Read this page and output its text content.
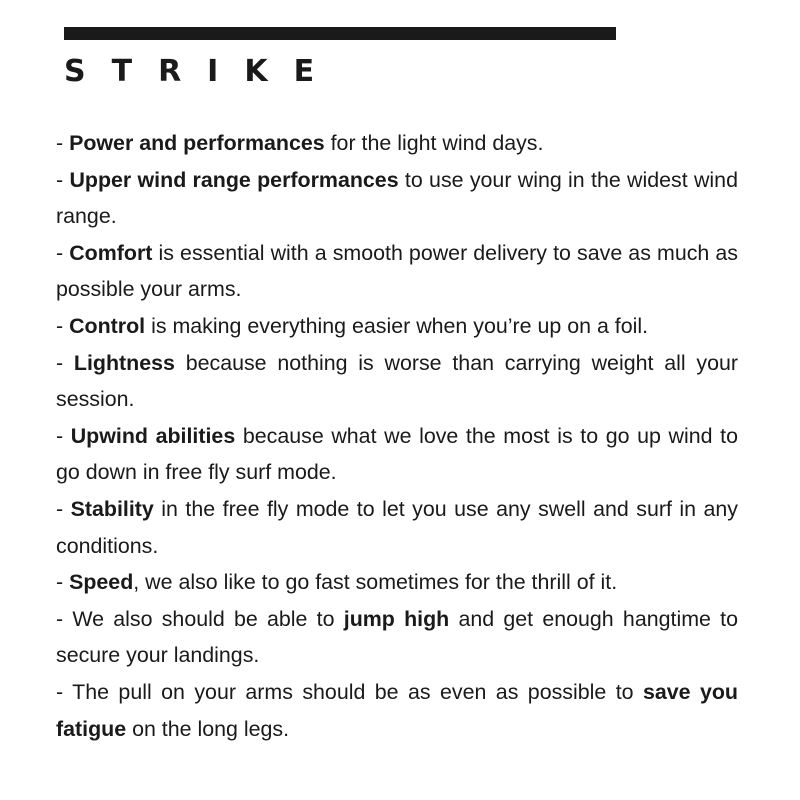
STRIKE
- Power and performances for the light wind days.
- Upper wind range performances to use your wing in the widest wind range.
- Comfort is essential with a smooth power delivery to save as much as possible your arms.
- Control is making everything easier when you’re up on a foil.
- Lightness because nothing is worse than carrying weight all your session.
- Upwind abilities because what we love the most is to go up wind to go down in free fly surf mode.
- Stability in the free fly mode to let you use any swell and surf in any conditions.
- Speed, we also like to go fast sometimes for the thrill of it.
- We also should be able to jump high and get enough hangtime to secure your landings.
- The pull on your arms should be as even as possible to save you fatigue on the long legs.
